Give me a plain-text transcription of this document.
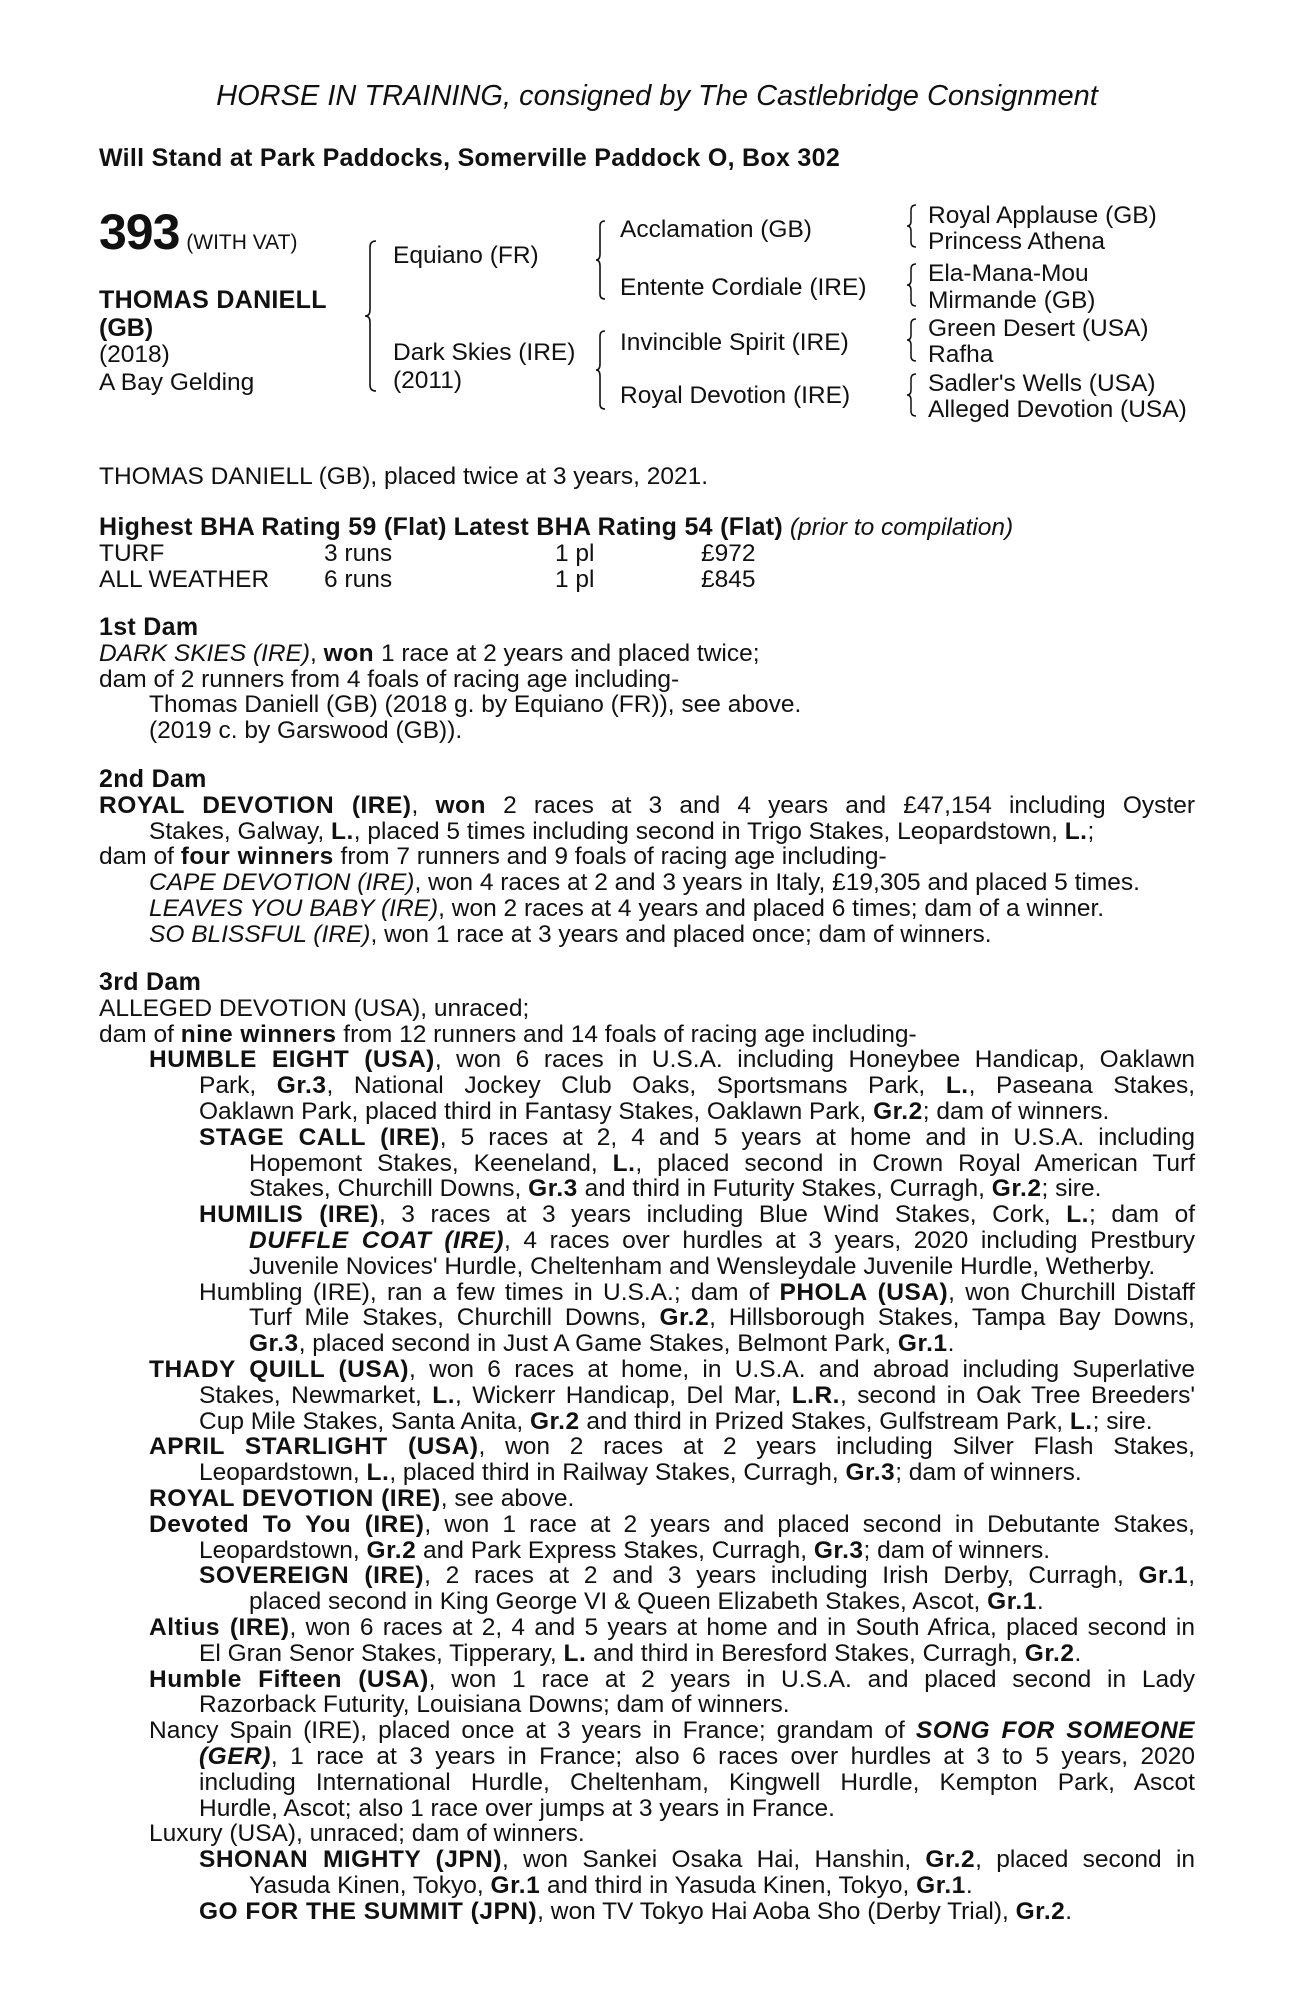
HORSE IN TRAINING, consigned by The Castlebridge Consignment
Will Stand at Park Paddocks, Somerville Paddock O, Box 302
393 (WITH VAT)
THOMAS DANIELL
(GB)
(2018)
A Bay Gelding
Equiano (FR)
Dark Skies (IRE)
(2011)
Acclamation (GB)
Entente Cordiale (IRE)
Invincible Spirit (IRE)
Royal Devotion (IRE)
Royal Applause (GB)
Princess Athena
Ela-Mana-Mou
Mirmande (GB)
Green Desert (USA)
Rafha
Sadler's Wells (USA)
Alleged Devotion (USA)
THOMAS DANIELL (GB), placed twice at 3 years, 2021.
Highest BHA Rating 59 (Flat) Latest BHA Rating 54 (Flat) (prior to compilation)
TURF	3 runs	1 pl	£972
ALL WEATHER 6 runs	1 pl	£845
1st Dam
DARK SKIES (IRE), won 1 race at 2 years and placed twice;
dam of 2 runners from 4 foals of racing age including-
Thomas Daniell (GB) (2018 g. by Equiano (FR)), see above.
(2019 c. by Garswood (GB)).
2nd Dam
ROYAL DEVOTION (IRE), won 2 races at 3 and 4 years and £47,154 including Oyster
Stakes, Galway, L., placed 5 times including second in Trigo Stakes, Leopardstown, L.;
dam of four winners from 7 runners and 9 foals of racing age including-
CAPE DEVOTION (IRE), won 4 races at 2 and 3 years in Italy, £19,305 and placed 5 times.
LEAVES YOU BABY (IRE), won 2 races at 4 years and placed 6 times; dam of a winner.
SO BLISSFUL (IRE), won 1 race at 3 years and placed once; dam of winners.
3rd Dam
ALLEGED DEVOTION (USA), unraced;
dam of nine winners from 12 runners and 14 foals of racing age including-
HUMBLE EIGHT (USA), won 6 races in U.S.A. including Honeybee Handicap, Oaklawn
Park, Gr.3, National Jockey Club Oaks, Sportsmans Park, L., Paseana Stakes,
Oaklawn Park, placed third in Fantasy Stakes, Oaklawn Park, Gr.2; dam of winners.
STAGE CALL (IRE), 5 races at 2, 4 and 5 years at home and in U.S.A. including
Hopemont Stakes, Keeneland, L., placed second in Crown Royal American Turf
Stakes, Churchill Downs, Gr.3 and third in Futurity Stakes, Curragh, Gr.2; sire.
HUMILIS (IRE), 3 races at 3 years including Blue Wind Stakes, Cork, L.; dam of
DUFFLE COAT (IRE), 4 races over hurdles at 3 years, 2020 including Prestbury
Juvenile Novices' Hurdle, Cheltenham and Wensleydale Juvenile Hurdle, Wetherby.
Humbling (IRE), ran a few times in U.S.A.; dam of PHOLA (USA), won Churchill Distaff
Turf Mile Stakes, Churchill Downs, Gr.2, Hillsborough Stakes, Tampa Bay Downs,
Gr.3, placed second in Just A Game Stakes, Belmont Park, Gr.1.
THADY QUILL (USA), won 6 races at home, in U.S.A. and abroad including Superlative
Stakes, Newmarket, L., Wickerr Handicap, Del Mar, L.R., second in Oak Tree Breeders'
Cup Mile Stakes, Santa Anita, Gr.2 and third in Prized Stakes, Gulfstream Park, L.; sire.
APRIL STARLIGHT (USA), won 2 races at 2 years including Silver Flash Stakes,
Leopardstown, L., placed third in Railway Stakes, Curragh, Gr.3; dam of winners.
ROYAL DEVOTION (IRE), see above.
Devoted To You (IRE), won 1 race at 2 years and placed second in Debutante Stakes,
Leopardstown, Gr.2 and Park Express Stakes, Curragh, Gr.3; dam of winners.
SOVEREIGN (IRE), 2 races at 2 and 3 years including Irish Derby, Curragh, Gr.1,
placed second in King George VI & Queen Elizabeth Stakes, Ascot, Gr.1.
Altius (IRE), won 6 races at 2, 4 and 5 years at home and in South Africa, placed second in
El Gran Senor Stakes, Tipperary, L. and third in Beresford Stakes, Curragh, Gr.2.
Humble Fifteen (USA), won 1 race at 2 years in U.S.A. and placed second in Lady
Razorback Futurity, Louisiana Downs; dam of winners.
Nancy Spain (IRE), placed once at 3 years in France; grandam of SONG FOR SOMEONE
(GER), 1 race at 3 years in France; also 6 races over hurdles at 3 to 5 years, 2020
including International Hurdle, Cheltenham, Kingwell Hurdle, Kempton Park, Ascot
Hurdle, Ascot; also 1 race over jumps at 3 years in France.
Luxury (USA), unraced; dam of winners.
SHONAN MIGHTY (JPN), won Sankei Osaka Hai, Hanshin, Gr.2, placed second in
Yasuda Kinen, Tokyo, Gr.1 and third in Yasuda Kinen, Tokyo, Gr.1.
GO FOR THE SUMMIT (JPN), won TV Tokyo Hai Aoba Sho (Derby Trial), Gr.2.
